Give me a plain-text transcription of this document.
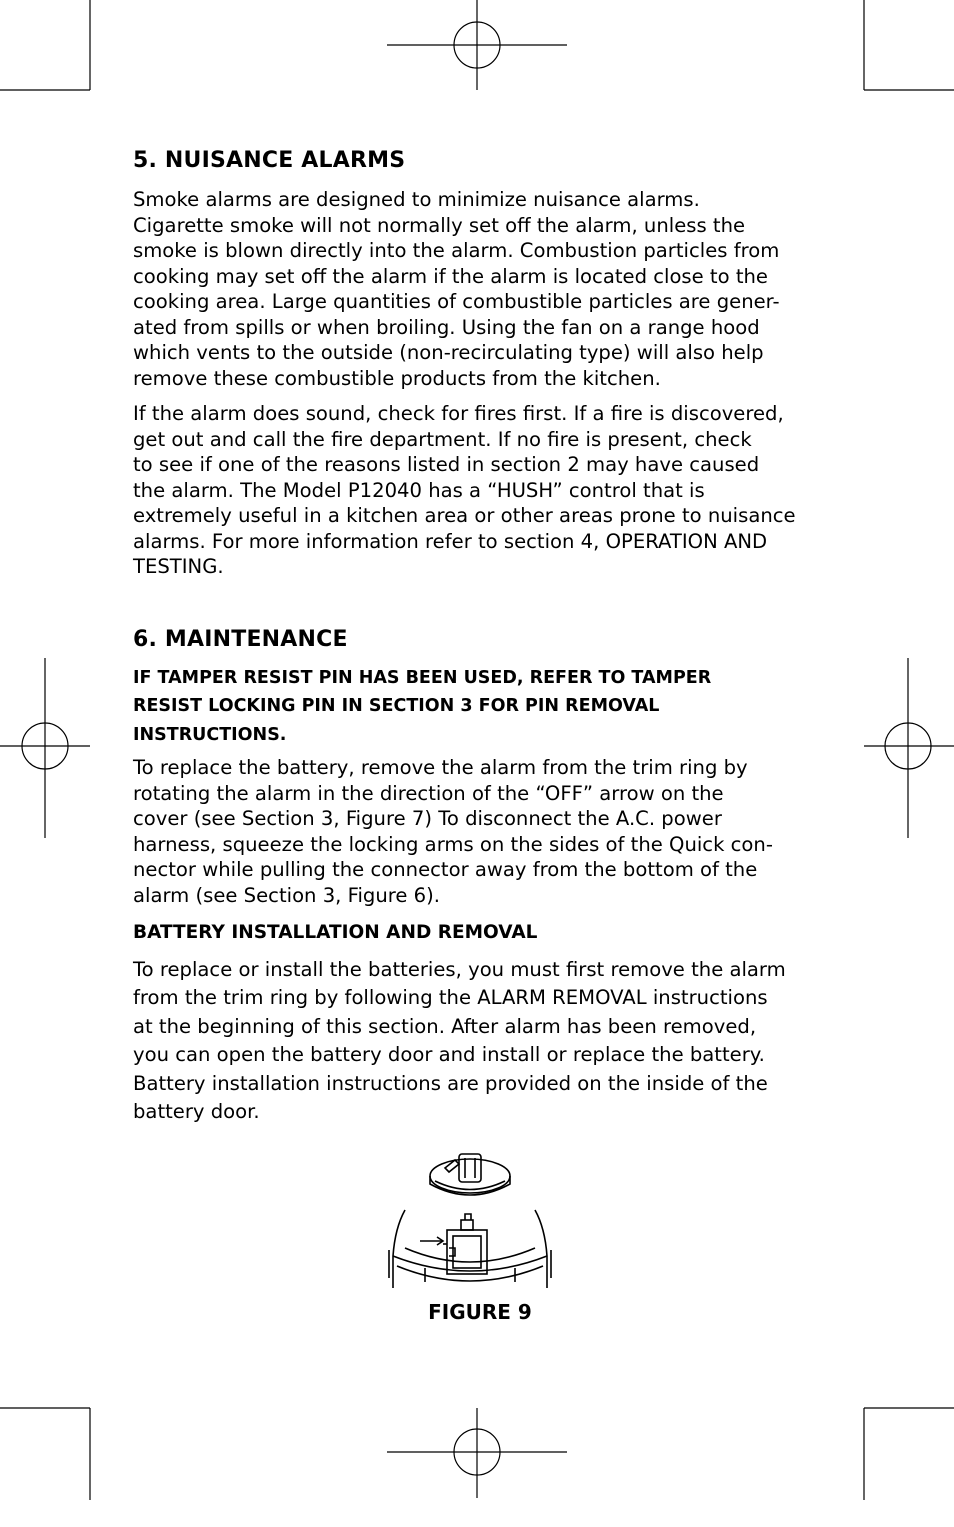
5. NUISANCE ALARMS

Smoke alarms are designed to minimize nuisance alarms.
Cigarette smoke will not normally set off the alarm, unless the
smoke is blown directly into the alarm. Combustion particles from
cooking may set off the alarm if the alarm is located close to the
cooking area. Large quantities of combustible particles are gener-
ated from spills or when broiling. Using the fan on a range hood
which vents to the outside (non-recirculating type) will also help
remove these combustible products from the kitchen.

If the alarm does sound, check for fires first. If a fire is discovered,
get out and call the fire department. If no fire is present, check
to see if one of the reasons listed in section 2 may have caused
the alarm. The Model P12040 has a “HUSH” control that is
extremely useful in a kitchen area or other areas prone to nuisance
alarms. For more information refer to section 4, OPERATION AND
TESTING.

6. MAINTENANCE

IF TAMPER RESIST PIN HAS BEEN USED, REFER TO TAMPER
RESIST LOCKING PIN IN SECTION 3 FOR PIN REMOVAL
INSTRUCTIONS.

To replace the battery, remove the alarm from the trim ring by
rotating the alarm in the direction of the “OFF” arrow on the
cover (see Section 3, Figure 7) To disconnect the A.C. power
harness, squeeze the locking arms on the sides of the Quick con-
nector while pulling the connector away from the bottom of the
alarm (see Section 3, Figure 6).

BATTERY INSTALLATION AND REMOVAL

To replace or install the batteries, you must first remove the alarm
from the trim ring by following the ALARM REMOVAL instructions
at the beginning of this section. After alarm has been removed,
you can open the battery door and install or replace the battery.
Battery installation instructions are provided on the inside of the
battery door.

FIGURE 9
